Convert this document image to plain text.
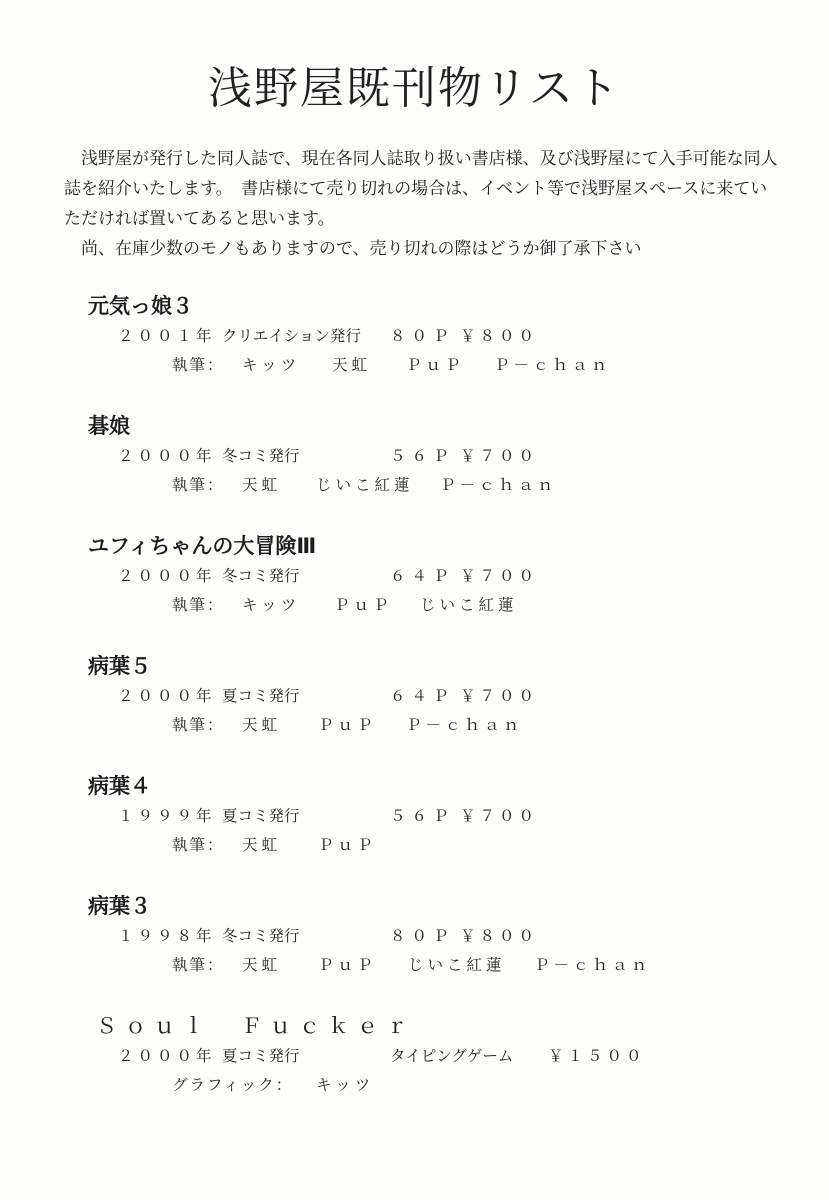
浅野屋既刊物リスト

浅野屋が発行した同人誌で、現在各同人誌取り扱い書店様、及び浅野屋にて入手可能な同人誌を紹介いたします。　書店様にて売り切れの場合は、イベント等で浅野屋スペースに来ていただければ置いてあると思います。

尚、在庫少数のモノもありますので、売り切れの際はどうか御了承下さい

元気っ娘３
２００１年 クリエイション発行 ８０Ｐ ￥８００
執筆： キッツ 天虹 ＰｕＰ Ｐ－ｃｈａｎ
碁娘
２０００年 冬コミ発行	５６Ｐ ￥７００
執筆： 天虹 じいこ紅蓮 Ｐ－ｃｈａｎ
ユフィちゃんの大冒険Ⅲ
２０００年 冬コミ発行	６４Ｐ ￥７００
執筆： キッツ ＰｕＰ じいこ紅蓮
病葉５
２０００年 夏コミ発行	６４Ｐ ￥７００
執筆： 天虹 ＰｕＰ Ｐ－ｃｈａｎ
病葉４
１９９９年 夏コミ発行	５６Ｐ ￥７００
執筆： 天虹 ＰｕＰ
病葉３
１９９８年 冬コミ発行	８０Ｐ ￥８００
執筆： 天虹 ＰｕＰ じいこ紅蓮 Ｐ－ｃｈａｎ
Ｓｏｕｌ　Ｆｕｃｋｅｒ
２０００年 夏コミ発行	タイピングゲーム ￥１５００
グラフィック： キッツ
